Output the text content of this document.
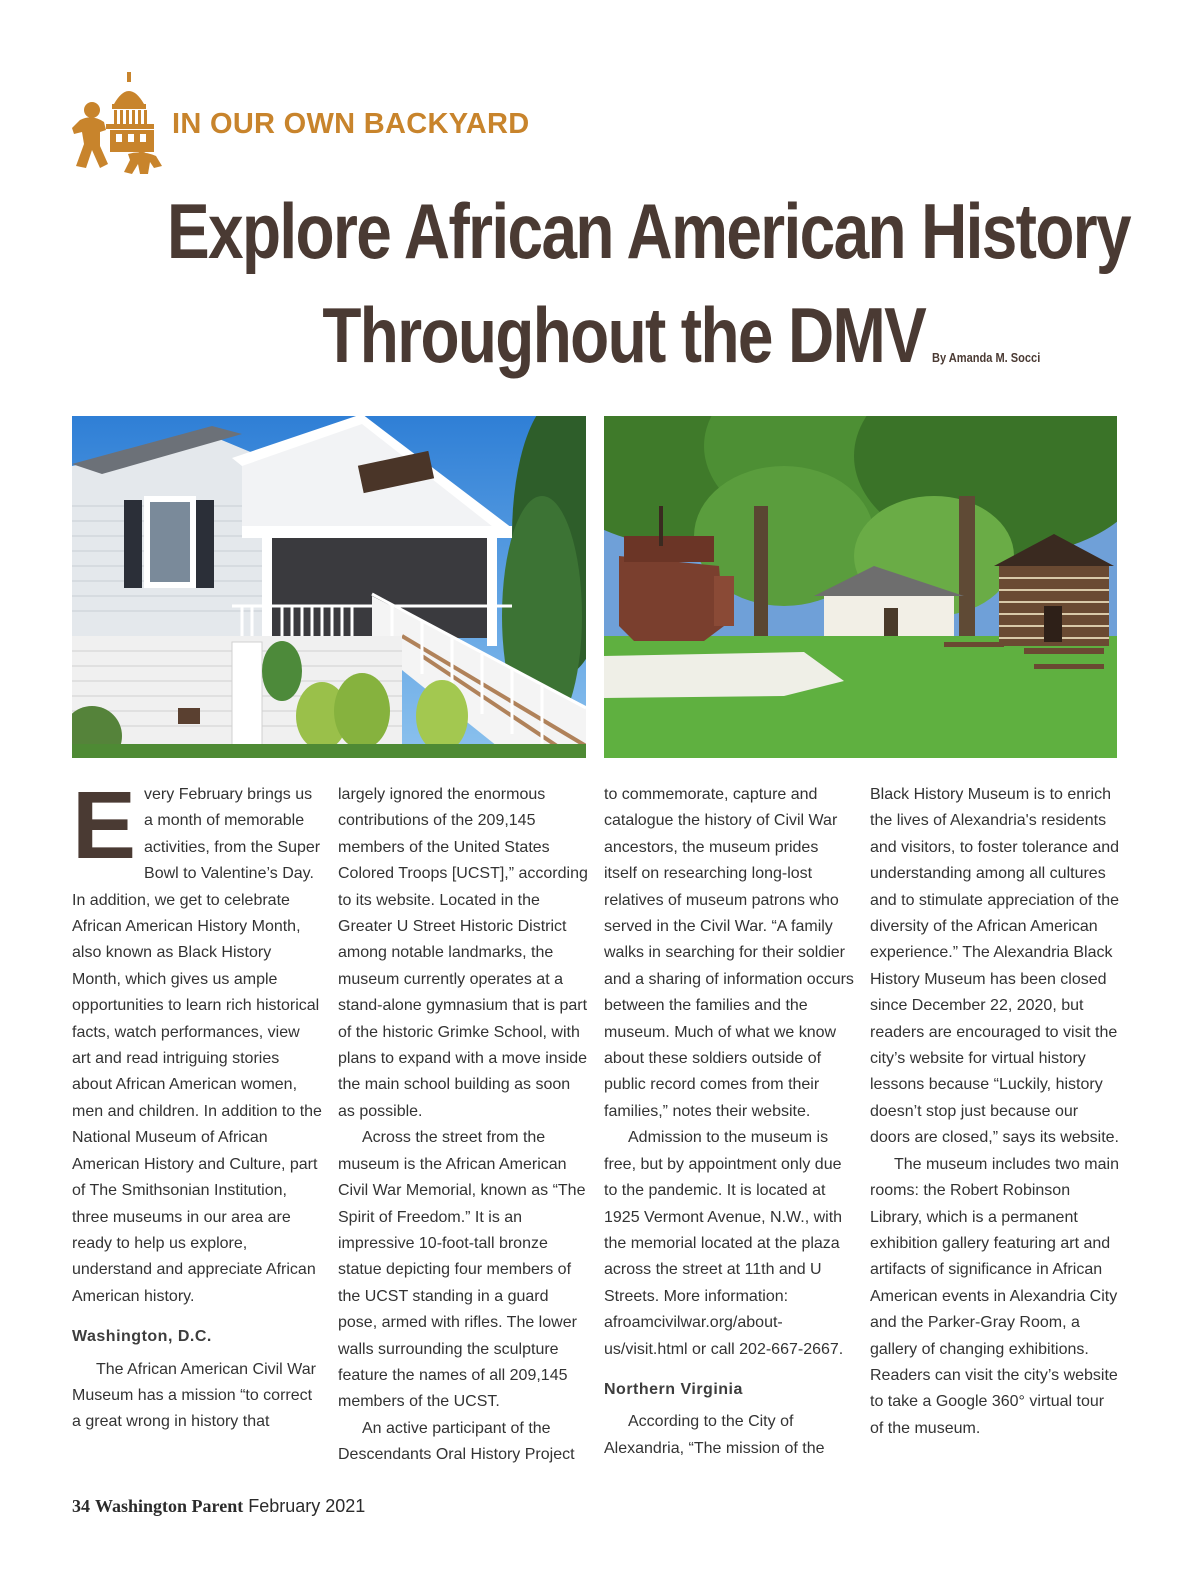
IN OUR OWN BACKYARD
Explore African American History
Throughout the DMV By Amanda M. Socci

Every February brings us a month of memorable activities, from the Super Bowl to Valentine’s Day. In addition, we get to celebrate African American History Month, also known as Black History Month, which gives us ample opportunities to learn rich historical facts, watch performances, view art and read intriguing stories about African American women, men and children. In addition to the National Museum of African American History and Culture, part of The Smithsonian Institution, three museums in our area are ready to help us explore, understand and appreciate African American history.

Washington, D.C.

The African American Civil War Museum has a mission “to correct a great wrong in history that

largely ignored the enormous contributions of the 209,145 members of the United States Colored Troops [UCST],” according to its website. Located in the Greater U Street Historic District among notable landmarks, the museum currently operates at a stand-alone gymnasium that is part of the historic Grimke School, with plans to expand with a move inside the main school building as soon as possible.

Across the street from the museum is the African American Civil War Memorial, known as “The Spirit of Freedom.” It is an impressive 10-foot-tall bronze statue depicting four members of the UCST standing in a guard pose, armed with rifles. The lower walls surrounding the sculpture feature the names of all 209,145 members of the UCST.

An active participant of the Descendants Oral History Project

to commemorate, capture and catalogue the history of Civil War ancestors, the museum prides itself on researching long-lost relatives of museum patrons who served in the Civil War. “A family walks in searching for their soldier and a sharing of information occurs between the families and the museum. Much of what we know about these soldiers outside of public record comes from their families,” notes their website.

Admission to the museum is free, but by appointment only due to the pandemic. It is located at 1925 Vermont Avenue, N.W., with the memorial located at the plaza across the street at 11th and U Streets. More information: afroamcivilwar.org/about-us/visit.html or call 202-667-2667.

Northern Virginia

According to the City of Alexandria, “The mission of the

Black History Museum is to enrich the lives of Alexandria's residents and visitors, to foster tolerance and understanding among all cultures and to stimulate appreciation of the diversity of the African American experience.” The Alexandria Black History Museum has been closed since December 22, 2020, but readers are encouraged to visit the city’s website for virtual history lessons because “Luckily, history doesn’t stop just because our doors are closed,” says its website.

The museum includes two main rooms: the Robert Robinson Library, which is a permanent exhibition gallery featuring art and artifacts of significance in African American events in Alexandria City and the Parker-Gray Room, a gallery of changing exhibitions. Readers can visit the city’s website to take a Google 360° virtual tour of the museum.

34 Washington Parent February 2021
